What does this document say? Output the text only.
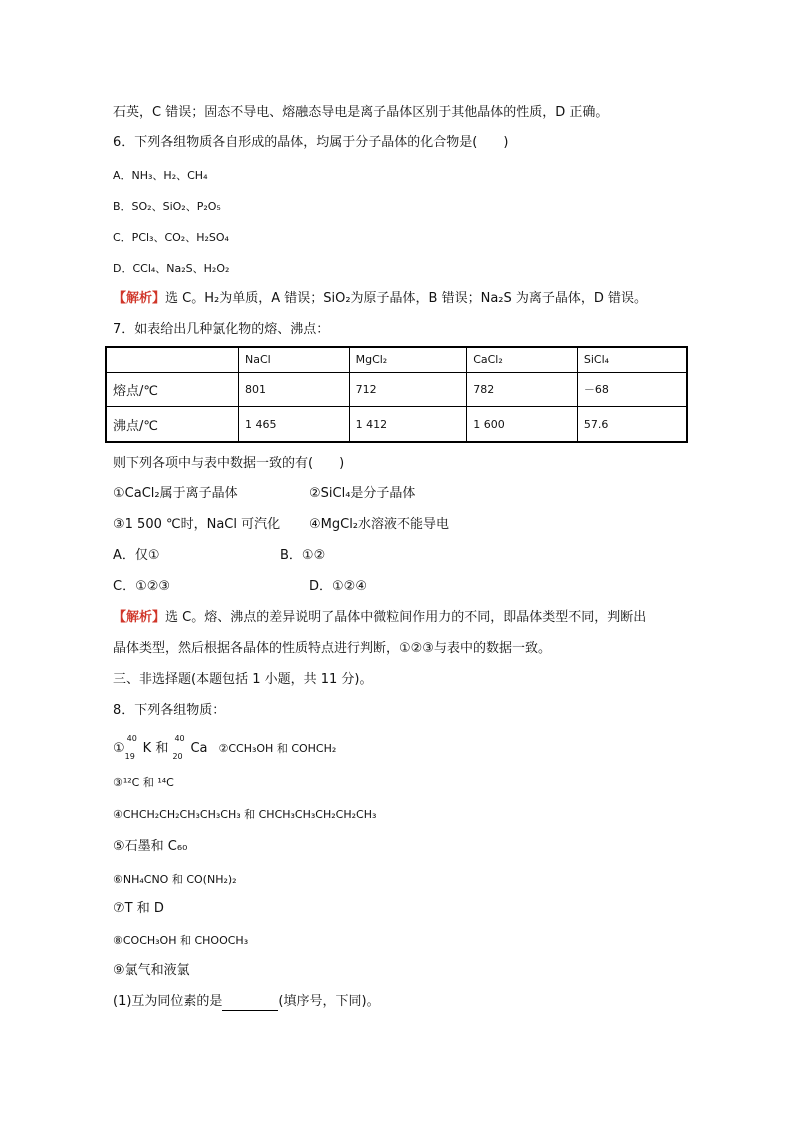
石英，C 错误；固态不导电、熔融态导电是离子晶体区别于其他晶体的性质，D 正确。
6．下列各组物质各自形成的晶体，均属于分子晶体的化合物是(　　)
A．NH₃、H₂、CH₄
B．SO₂、SiO₂、P₂O₅
C．PCl₃、CO₂、H₂SO₄
D．CCl₄、Na₂S、H₂O₂
【解析】选 C。H₂为单质，A 错误；SiO₂为原子晶体，B 错误；Na₂S 为离子晶体，D 错误。
7．如表给出几种氯化物的熔、沸点：
	NaCl	MgCl₂	CaCl₂	SiCl₄
熔点/℃	801	712	782	－68
沸点/℃	1 465	1 412	1 600	57.6
则下列各项中与表中数据一致的有(　　)
①CaCl₂属于离子晶体	②SiCl₄是分子晶体
③1 500 ℃时，NaCl 可汽化 ④MgCl₂水溶液不能导电
A．仅①	B．①②
C．①②③	D．①②④
【解析】选 C。熔、沸点的差异说明了晶体中微粒间作用力的不同，即晶体类型不同，判断出
晶体类型，然后根据各晶体的性质特点进行判断，①②③与表中的数据一致。
三、非选择题(本题包括 1 小题，共 11 分)。
8．下列各组物质：
①
40
19
K 和
40
20
Ca　②CCH₃OH 和 COHCH₂
③¹²C 和 ¹⁴C
④CHCH₂CH₂CH₃CH₃CH₃ 和 CHCH₃CH₃CH₂CH₂CH₃
⑤石墨和 C₆₀
⑥NH₄CNO 和 CO(NH₂)₂
⑦T 和 D
⑧COCH₃OH 和 CHOOCH₃
⑨氯气和液氯
(1)互为同位素的是	(填序号，下同)。
